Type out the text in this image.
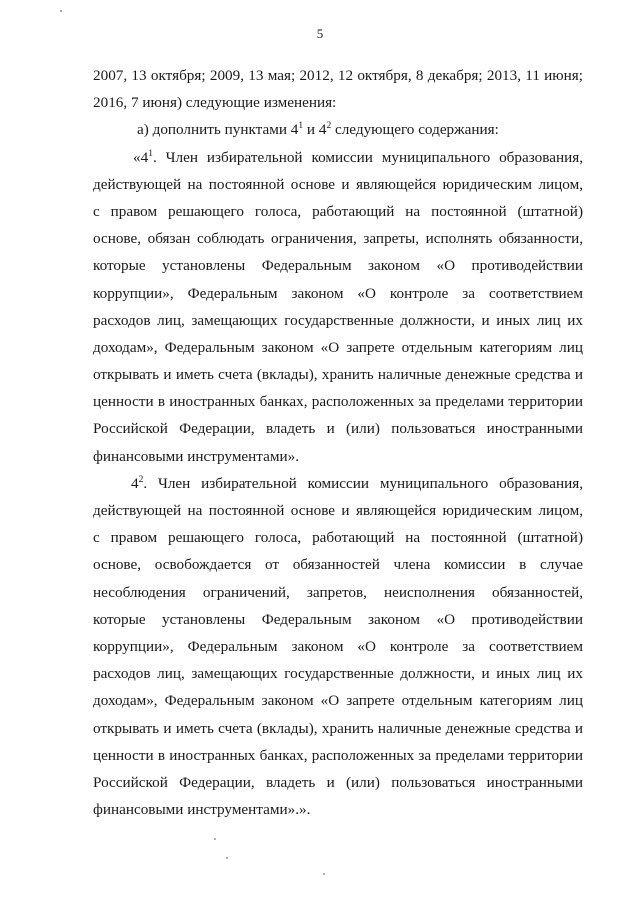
5
2007, 13 октября; 2009, 13 мая; 2012, 12 октября, 8 декабря; 2013, 11 июня;
2016, 7 июня) следующие изменения:
а) дополнить пунктами $4^1$ и $4^2$ следующего содержания:
«$4^1$. Член избирательной комиссии муниципального образования,
действующей на постоянной основе и являющейся юридическим лицом,
с правом решающего голоса, работающий на постоянной (штатной)
основе, обязан соблюдать ограничения, запреты, исполнять обязанности,
которые установлены Федеральным законом «О противодействии
коррупции», Федеральным законом «О контроле за соответствием
расходов лиц, замещающих государственные должности, и иных лиц их
доходам», Федеральным законом «О запрете отдельным категориям лиц
открывать и иметь счета (вклады), хранить наличные денежные средства и
ценности в иностранных банках, расположенных за пределами территории
Российской Федерации, владеть и (или) пользоваться иностранными
финансовыми инструментами».
$4^2$. Член избирательной комиссии муниципального образования,
действующей на постоянной основе и являющейся юридическим лицом,
с правом решающего голоса, работающий на постоянной (штатной)
основе, освобождается от обязанностей члена комиссии в случае
несоблюдения ограничений, запретов, неисполнения обязанностей,
которые установлены Федеральным законом «О противодействии
коррупции», Федеральным законом «О контроле за соответствием
расходов лиц, замещающих государственные должности, и иных лиц их
доходам», Федеральным законом «О запрете отдельным категориям лиц
открывать и иметь счета (вклады), хранить наличные денежные средства и
ценности в иностранных банках, расположенных за пределами территории
Российской Федерации, владеть и (или) пользоваться иностранными
финансовыми инструментами».».
